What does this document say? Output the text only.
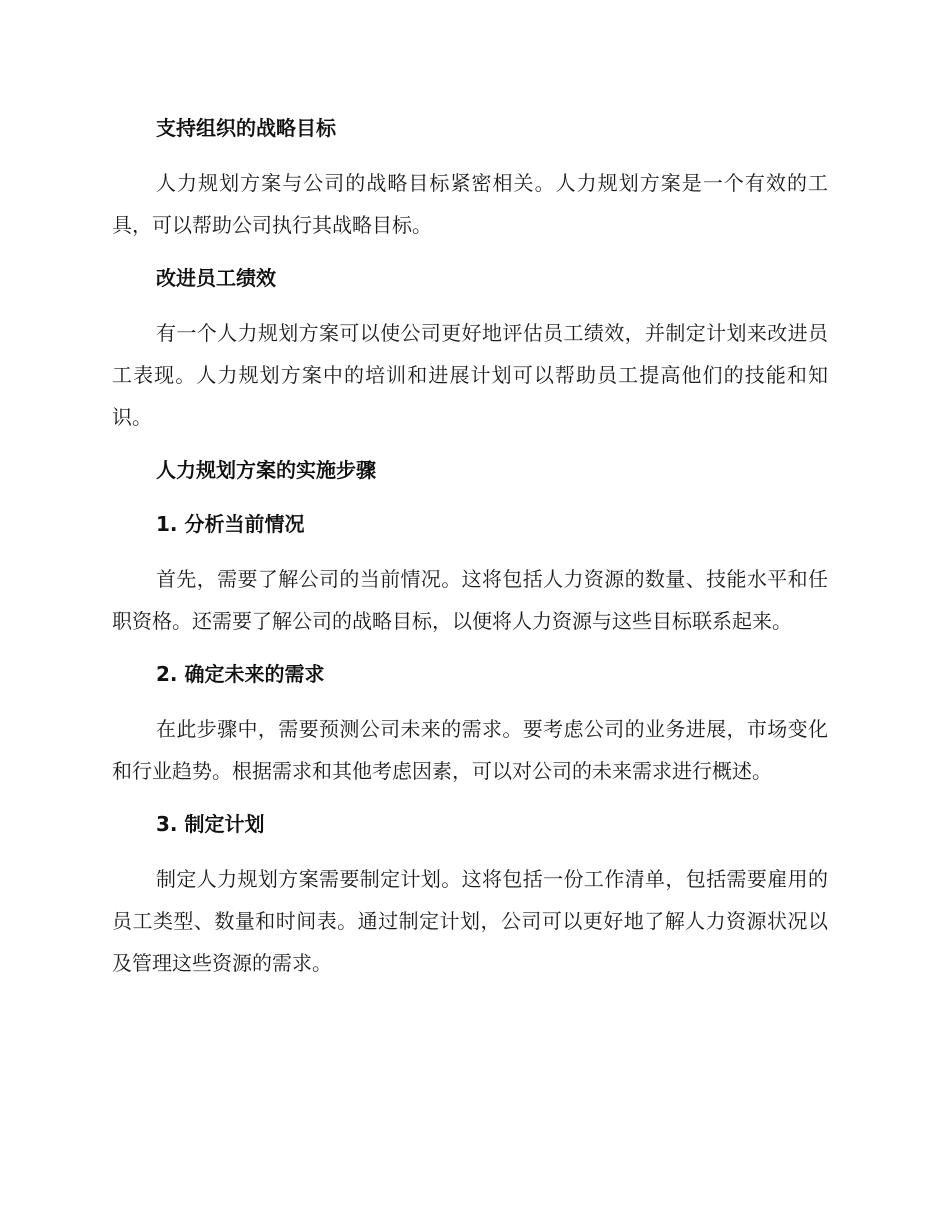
支持组织的战略目标

人力规划方案与公司的战略目标紧密相关。人力规划方案是一个有效的工具，可以帮助公司执行其战略目标。

改进员工绩效

有一个人力规划方案可以使公司更好地评估员工绩效，并制定计划来改进员工表现。人力规划方案中的培训和进展计划可以帮助员工提高他们的技能和知识。

人力规划方案的实施步骤
1. 分析当前情况

首先，需要了解公司的当前情况。这将包括人力资源的数量、技能水平和任职资格。还需要了解公司的战略目标，以便将人力资源与这些目标联系起来。

2. 确定未来的需求

在此步骤中，需要预测公司未来的需求。要考虑公司的业务进展，市场变化和行业趋势。根据需求和其他考虑因素，可以对公司的未来需求进行概述。

3. 制定计划

制定人力规划方案需要制定计划。这将包括一份工作清单，包括需要雇用的员工类型、数量和时间表。通过制定计划，公司可以更好地了解人力资源状况以及管理这些资源的需求。
